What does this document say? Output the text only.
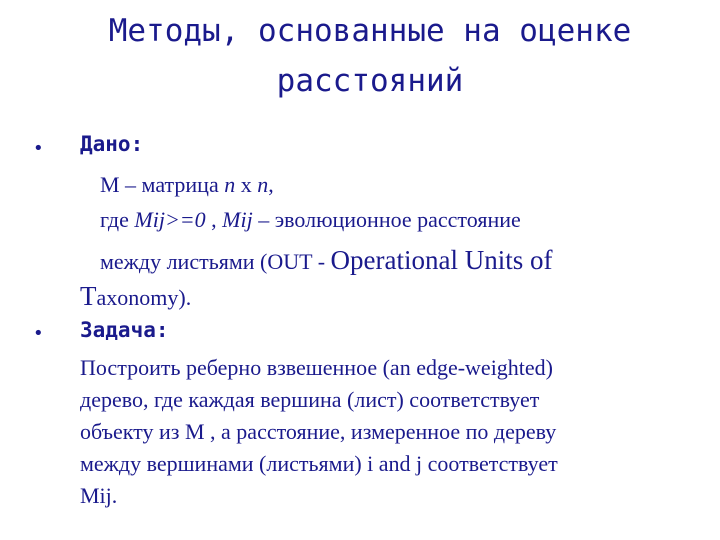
Методы, основанные на оценке
расстояний
• Дано:
M – матрица n x n,
где Mij>=0 , Mij – эволюционное расстояние
между листьями (OUT - Operational Units of
Taxonomy).
• Задача:
Построить реберно взвешенное (an edge-weighted)
дерево, где каждая вершина (лист) соответствует
объекту из M , а расстояние, измеренное по дереву
между вершинами (листьями) i and j соответствует
Mij.
